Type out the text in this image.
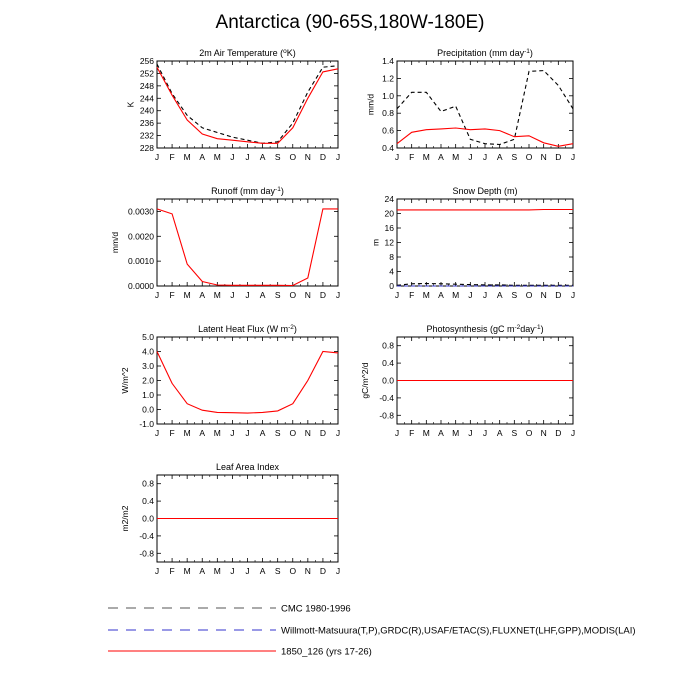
Antarctica (90-65S,180W-180E)
2m Air Temperature ($^o$K)
J F M A M J J A S O N D J
228
232
236
240
244
248
252
256
K
Precipitation (mm day$^{-1}$)
J F M A M J J A S O N D J
0.4
0.6
0.8
1.0
1.2
1.4
mm/d
Runoff (mm day$^{-1}$)
J F M A M J J A S O N D J
0.0000
0.0010
0.0020
0.0030
mm/d
Snow Depth (m)
J F M A M J J A S O N D J
0
4
8
12
16
20
24
m
Latent Heat Flux (W $m^{-2}$)
J F M A M J J A S O N D J
-1.0
0.0
1.0
2.0
3.0
4.0
5.0
W/m^2
Photosynthesis (gC $m^{-2}day^{-1}$)
J F M A M J J A S O N D J
-0.8
-0.4
0.0
0.4
0.8
gC/m^2/d
Leaf Area Index
J F M A M J J A S O N D J
-0.8
-0.4
0.0
0.4
0.8
m2/m2
CMC 1980-1996
Willmott-Matsuura(T,P),GRDC(R),USAF/ETAC(S),FLUXNET(LHF,GPP),MODIS(LAI)
1850_126 (yrs 17-26)
